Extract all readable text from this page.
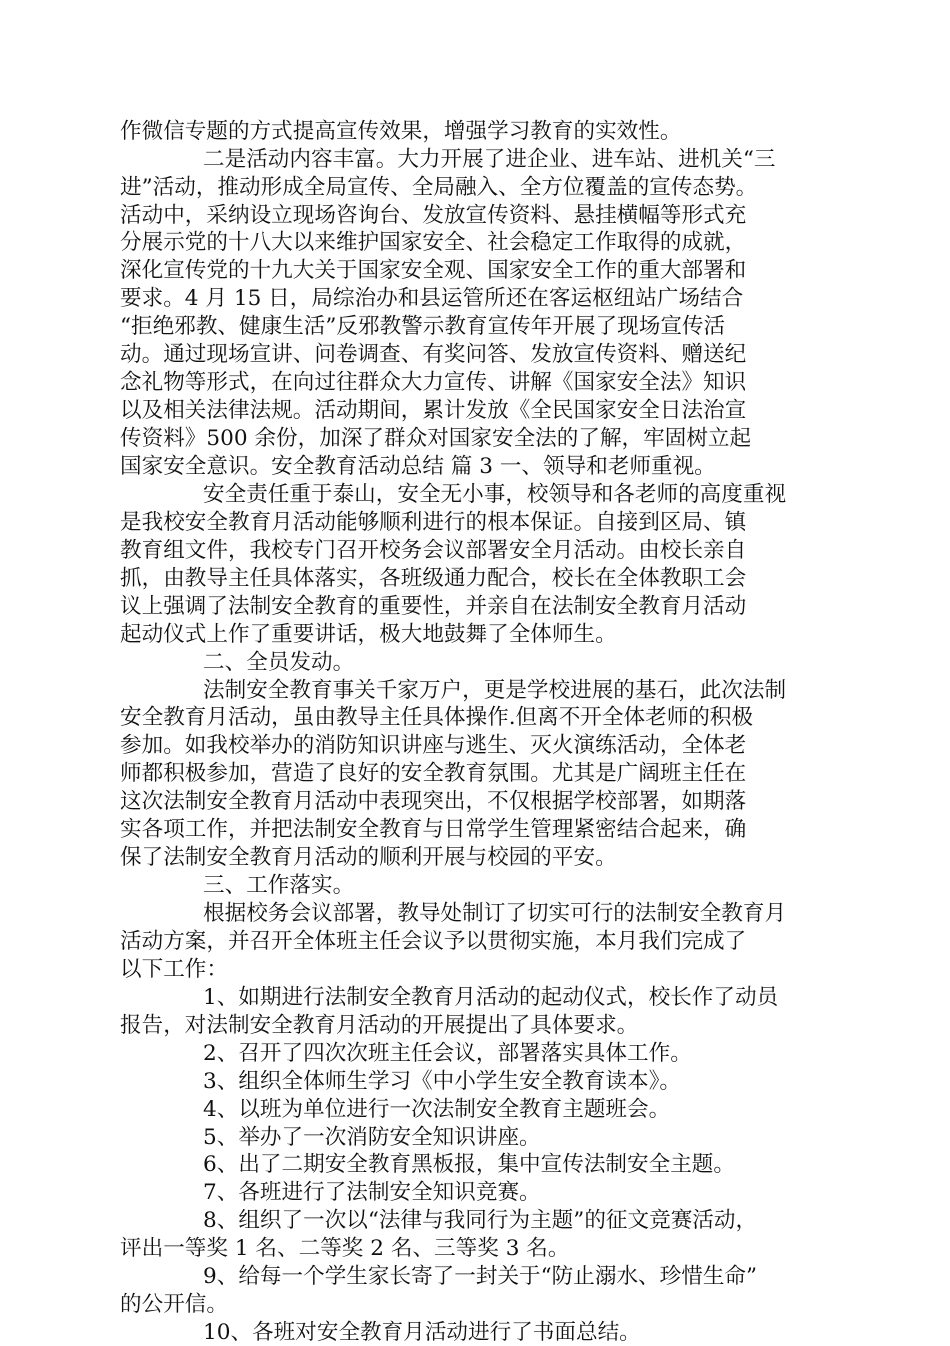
作微信专题的方式提高宣传效果，增强学习教育的实效性。
二是活动内容丰富。大力开展了进企业、进车站、进机关“三
进”活动，推动形成全局宣传、全局融入、全方位覆盖的宣传态势。
活动中，采纳设立现场咨询台、发放宣传资料、悬挂横幅等形式充
分展示党的十八大以来维护国家安全、社会稳定工作取得的成就，
深化宣传党的十九大关于国家安全观、国家安全工作的重大部署和
要求。4 月 15 日，局综治办和县运管所还在客运枢纽站广场结合
“拒绝邪教、健康生活”反邪教警示教育宣传年开展了现场宣传活
动。通过现场宣讲、问卷调查、有奖问答、发放宣传资料、赠送纪
念礼物等形式，在向过往群众大力宣传、讲解《国家安全法》知识
以及相关法律法规。活动期间，累计发放《全民国家安全日法治宣
传资料》500 余份，加深了群众对国家安全法的了解，牢固树立起
国家安全意识。安全教育活动总结 篇 3 一、领导和老师重视。
安全责任重于泰山，安全无小事，校领导和各老师的高度重视
是我校安全教育月活动能够顺利进行的根本保证。自接到区局、镇
教育组文件，我校专门召开校务会议部署安全月活动。由校长亲自
抓，由教导主任具体落实，各班级通力配合，校长在全体教职工会
议上强调了法制安全教育的重要性，并亲自在法制安全教育月活动
起动仪式上作了重要讲话，极大地鼓舞了全体师生。
二、全员发动。
法制安全教育事关千家万户，更是学校进展的基石，此次法制
安全教育月活动，虽由教导主任具体操作.但离不开全体老师的积极
参加。如我校举办的消防知识讲座与逃生、灭火演练活动，全体老
师都积极参加，营造了良好的安全教育氛围。尤其是广阔班主任在
这次法制安全教育月活动中表现突出，不仅根据学校部署，如期落
实各项工作，并把法制安全教育与日常学生管理紧密结合起来，确
保了法制安全教育月活动的顺利开展与校园的平安。
三、工作落实。
根据校务会议部署，教导处制订了切实可行的法制安全教育月
活动方案，并召开全体班主任会议予以贯彻实施，本月我们完成了
以下工作：
1、如期进行法制安全教育月活动的起动仪式，校长作了动员
报告，对法制安全教育月活动的开展提出了具体要求。
2、召开了四次次班主任会议，部署落实具体工作。
3、组织全体师生学习《中小学生安全教育读本》。
4、以班为单位进行一次法制安全教育主题班会。
5、举办了一次消防安全知识讲座。
6、出了二期安全教育黑板报，集中宣传法制安全主题。
7、各班进行了法制安全知识竞赛。
8、组织了一次以“法律与我同行为主题”的征文竞赛活动，
评出一等奖 1 名、二等奖 2 名、三等奖 3 名。
9、给每一个学生家长寄了一封关于“防止溺水、珍惜生命”
的公开信。
10、各班对安全教育月活动进行了书面总结。
